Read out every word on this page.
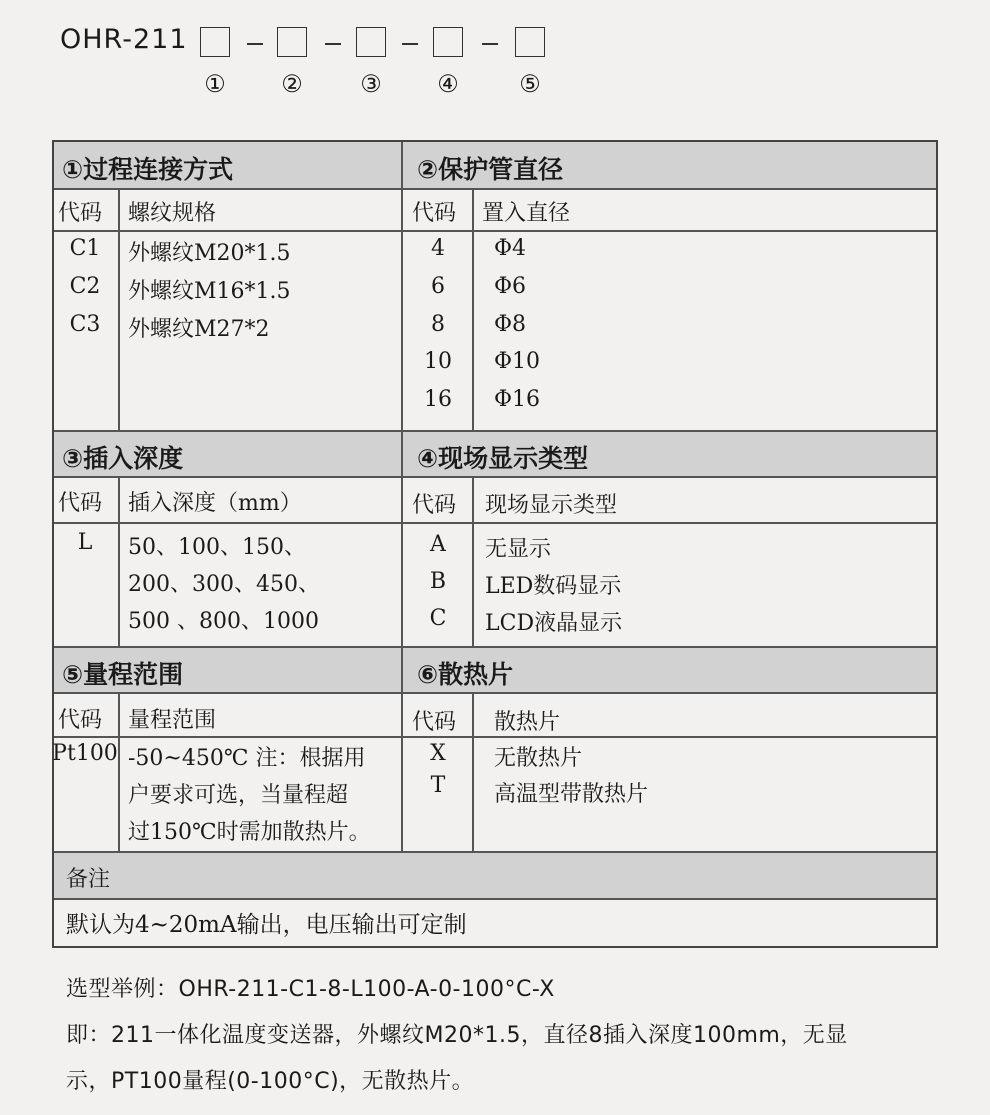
OHR-211
① ② ③ ④	⑤
①过程连接方式
代码 螺纹规格
C1	外螺纹M20*1.5
C2	外螺纹M16*1.5
C3	外螺纹M27*2
②保护管直径
代码 置入直径
4	Φ4
6	Φ6
8	Φ8
10	Φ10
16	Φ16
③插入深度
代码 插入深度（mm）
L	50、100、150、
200、300、450、
500 、800、1000
④现场显示类型
代码 现场显示类型
A	无显示
B	LED数码显示
C	LCD液晶显示
⑤量程范围
代码 量程范围
Pt100 -50~450℃ 注：根据用
户要求可选，当量程超
过150℃时需加散热片。
⑥散热片
代码 散热片
X	无散热片
T	高温型带散热片
备注
默认为4~20mA输出，电压输出可定制
选型举例：OHR-211-C1-8-L100-A-0-100°C-X
即：211一体化温度变送器，外螺纹M20*1.5，直径8插入深度100mm，无显
示，PT100量程(0-100°C)，无散热片。
